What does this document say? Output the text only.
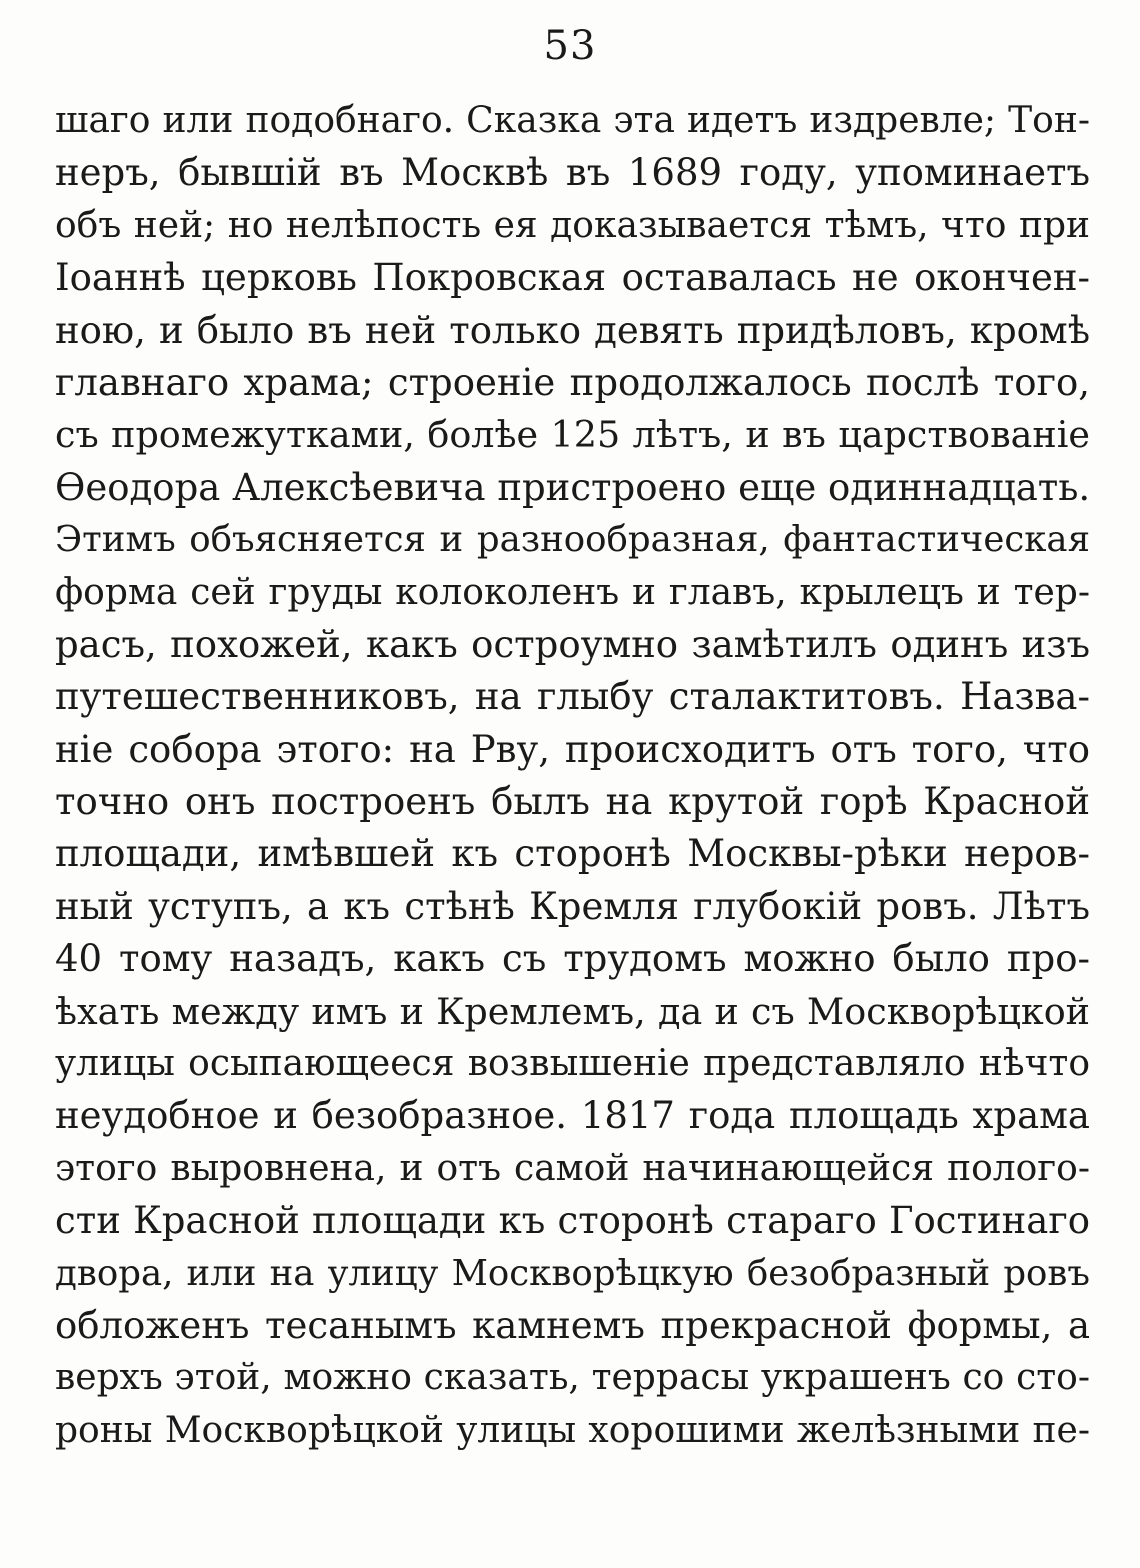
53
шаго или подобнаго. Сказка эта идетъ издревле; Тон-
неръ, бывшій въ Москвѣ въ 1689 году, упоминаетъ
объ ней; но нелѣпость ея доказывается тѣмъ, что при
Іоаннѣ церковь Покровская оставалась не окончен-
ною, и было въ ней только девять придѣловъ, кромѣ
главнаго храма; строеніе продолжалось послѣ того,
съ промежутками, болѣе 125 лѣтъ, и въ царствованіе
Ѳеодора Алексѣевича пристроено еще одиннадцать.
Этимъ объясняется и разнообразная, фантастическая
форма сей груды колоколенъ и главъ, крылецъ и тер-
расъ, похожей, какъ остроумно замѣтилъ одинъ изъ
путешественниковъ, на глыбу сталактитовъ. Назва-
ніе собора этого: на Рву, происходитъ отъ того, что
точно онъ построенъ былъ на крутой горѣ Красной
площади, имѣвшей къ сторонѣ Москвы-рѣки неров-
ный уступъ, а къ стѣнѣ Кремля глубокій ровъ. Лѣтъ
40 тому назадъ, какъ съ трудомъ можно было про-
ѣхать между имъ и Кремлемъ, да и съ Москворѣцкой
улицы осыпающееся возвышеніе представляло нѣчто
неудобное и безобразное. 1817 года площадь храма
этого выровнена, и отъ самой начинающейся полого-
сти Красной площади къ сторонѣ стараго Гостинаго
двора, или на улицу Москворѣцкую безобразный ровъ
обложенъ тесанымъ камнемъ прекрасной формы, а
верхъ этой, можно сказать, террасы украшенъ со сто-
роны Москворѣцкой улицы хорошими желѣзными пе-
